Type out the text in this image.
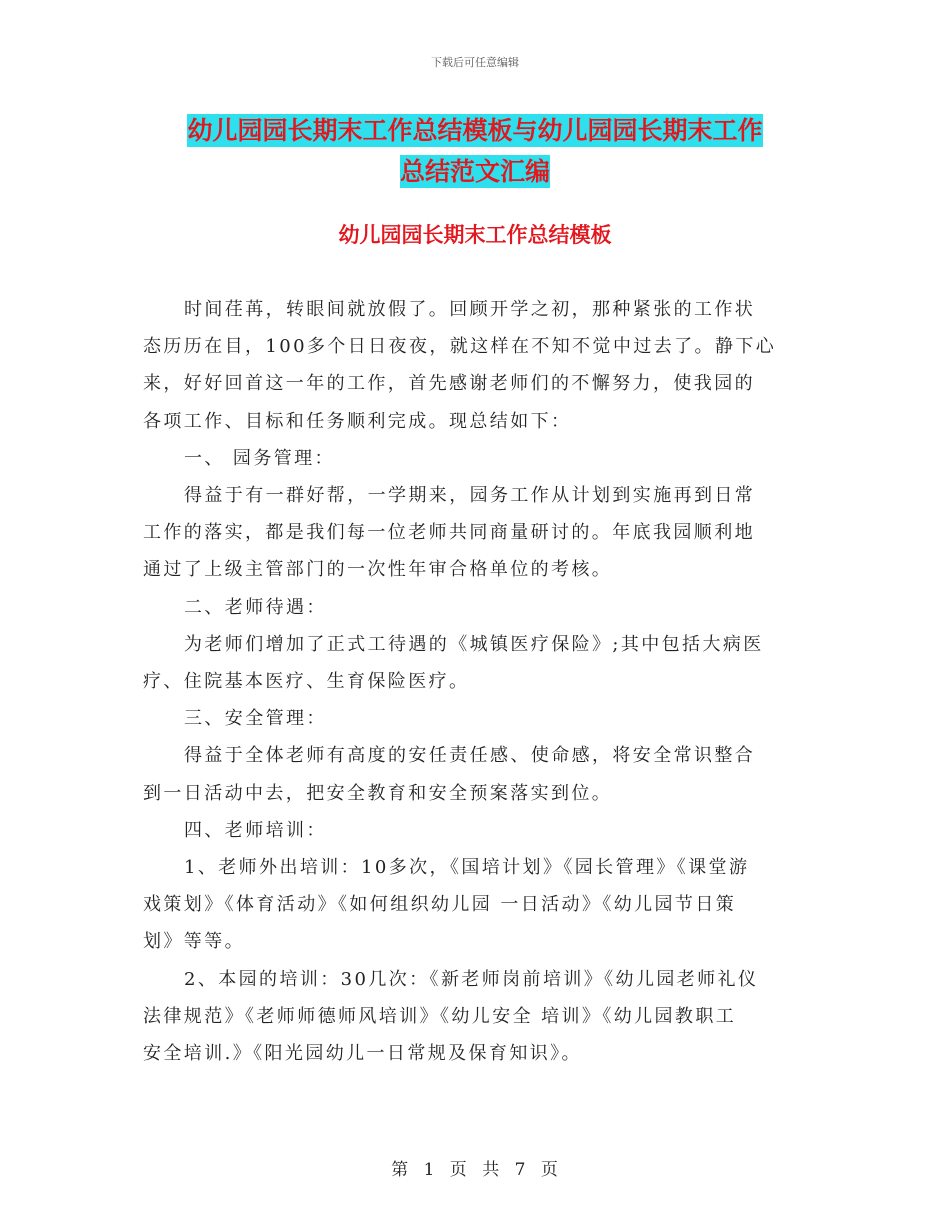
下载后可任意编辑
幼儿园园长期末工作总结模板与幼儿园园长期末工作
总结范文汇编
幼儿园园长期末工作总结模板

时间荏苒，转眼间就放假了。回顾开学之初，那种紧张的工作状

态历历在目，100多个日日夜夜，就这样在不知不觉中过去了。静下心

来，好好回首这一年的工作，首先感谢老师们的不懈努力，使我园的

各项工作、目标和任务顺利完成。现总结如下：

一、 园务管理：

得益于有一群好帮，一学期来，园务工作从计划到实施再到日常

工作的落实，都是我们每一位老师共同商量研讨的。年底我园顺利地

通过了上级主管部门的一次性年审合格单位的考核。

二、老师待遇：

为老师们增加了正式工待遇的《城镇医疗保险》;其中包括大病医

疗、住院基本医疗、生育保险医疗。

三、安全管理：

得益于全体老师有高度的安任责任感、使命感，将安全常识整合

到一日活动中去，把安全教育和安全预案落实到位。

四、老师培训：

1、老师外出培训：10多次，《国培计划》《园长管理》《课堂游

戏策划》《体育活动》《如何组织幼儿园 一日活动》《幼儿园节日策

划》等等。

2、本园的培训：30几次：《新老师岗前培训》《幼儿园老师礼仪

法律规范》《老师师德师风培训》《幼儿安全 培训》《幼儿园教职工

安全培训.》《阳光园幼儿一日常规及保育知识》。

第 1 页 共 7 页
